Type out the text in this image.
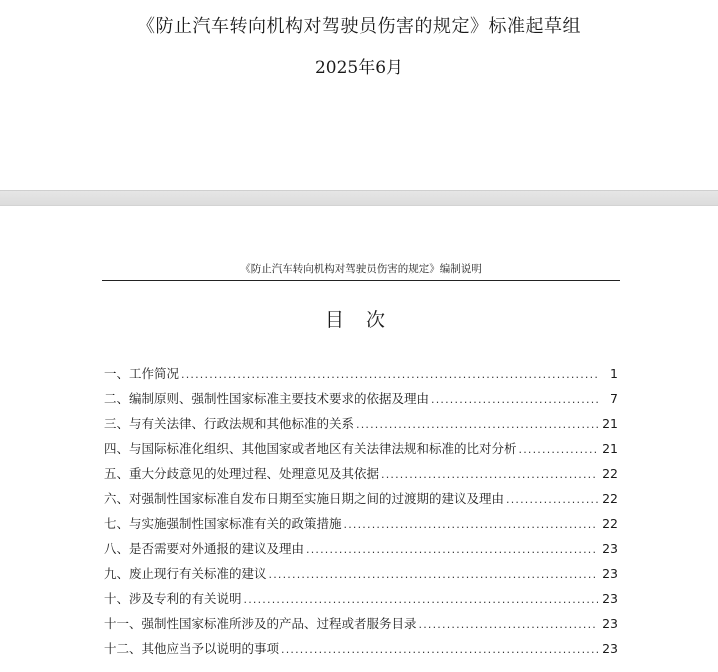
《防止汽车转向机构对驾驶员伤害的规定》标准起草组
2025年6月
《防止汽车转向机构对驾驶员伤害的规定》编制说明
目 次
一、工作简况 .....	1
二、编制原则、强制性国家标准主要技术要求的依据及理由 .....	7
三、与有关法律、行政法规和其他标准的关系 .....	21
四、与国际标准化组织、其他国家或者地区有关法律法规和标准的比对分析 .....	21
五、重大分歧意见的处理过程、处理意见及其依据 .....	22
六、对强制性国家标准自发布日期至实施日期之间的过渡期的建议及理由 .....	22
七、与实施强制性国家标准有关的政策措施 .....	22
八、是否需要对外通报的建议及理由 .....	23
九、废止现行有关标准的建议 .....	23
十、涉及专利的有关说明 .....	23
十一、强制性国家标准所涉及的产品、过程或者服务目录 .....	23
十二、其他应当予以说明的事项 .....	23
